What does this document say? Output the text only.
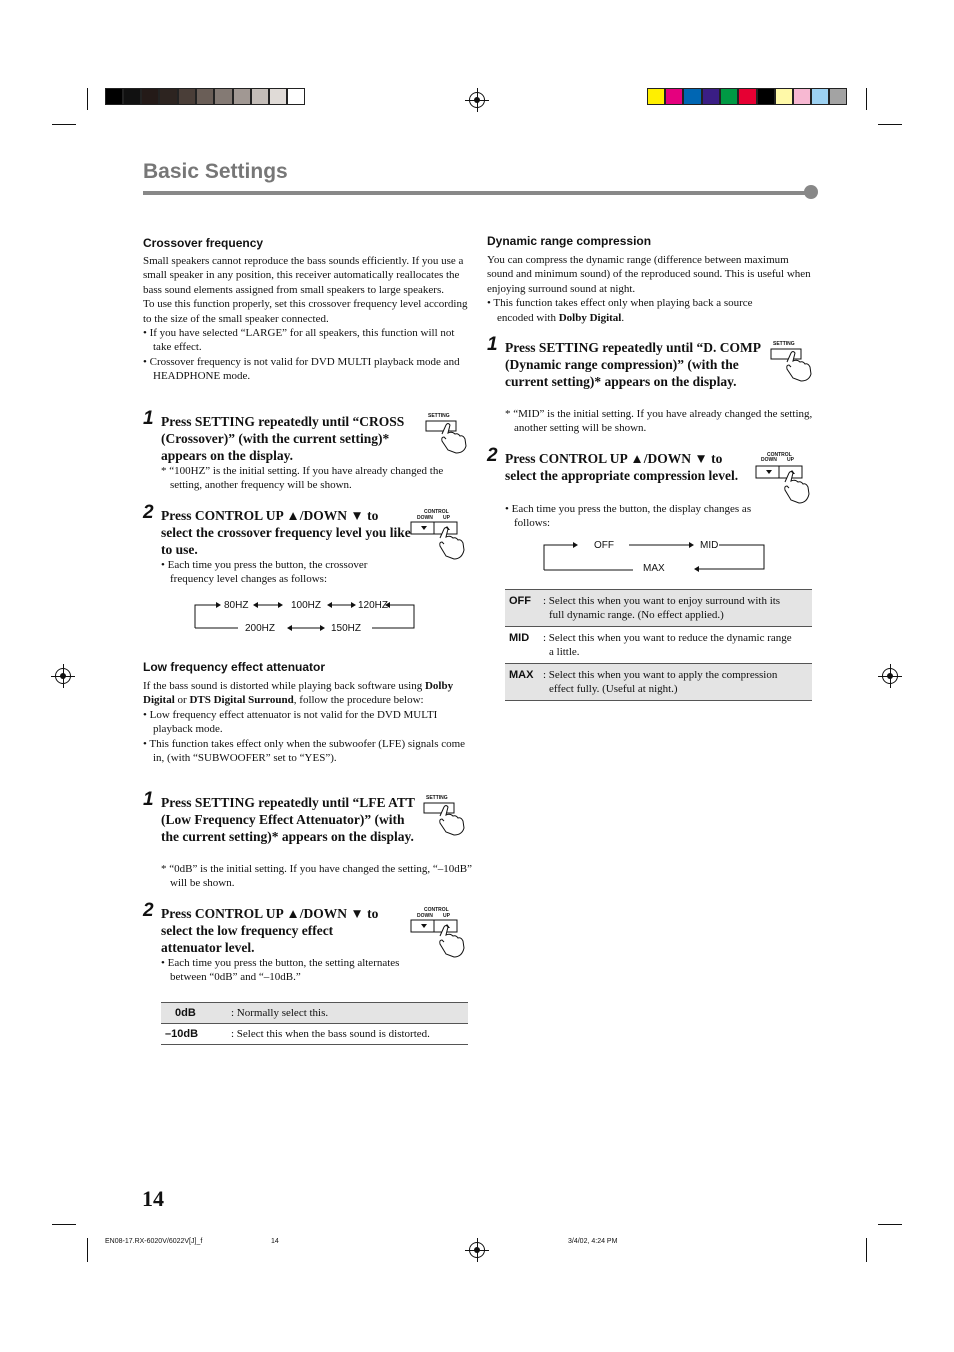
Basic Settings
Crossover frequency
Small speakers cannot reproduce the bass sounds efficiently. If you use a small speaker in any position, this receiver automatically reallocates the bass sound elements assigned from small speakers to large speakers.
To use this function properly, set this crossover frequency level according to the size of the small speaker connected.
• If you have selected “LARGE” for all speakers, this function will not take effect.
• Crossover frequency is not valid for DVD MULTI playback mode and HEADPHONE mode.
1 Press SETTING repeatedly until “CROSS (Crossover)” (with the current setting)* appears on the display.
* “100HZ” is the initial setting. If you have already changed the setting, another frequency will be shown.
SETTING
2 Press CONTROL UP ▲/DOWN ▼ to select the crossover frequency level you like to use.
• Each time you press the button, the crossover frequency level changes as follows:
CONTROL
DOWN UP
80HZ	100HZ	120HZ
200HZ	150HZ
Low frequency effect attenuator
If the bass sound is distorted while playing back software using Dolby Digital or DTS Digital Surround, follow the procedure below:
• Low frequency effect attenuator is not valid for the DVD MULTI playback mode.
• This function takes effect only when the subwoofer (LFE) signals come in, (with “SUBWOOFER” set to “YES”).
1 Press SETTING repeatedly until “LFE ATT (Low Frequency Effect Attenuator)” (with the current setting)* appears on the display.
* “0dB” is the initial setting. If you have changed the setting, “–10dB” will be shown.
SETTING
2 Press CONTROL UP ▲/DOWN ▼ to select the low frequency effect attenuator level.
• Each time you press the button, the setting alternates between “0dB” and “–10dB.”
CONTROL
DOWN UP
0dB	: Normally select this.
–10dB	: Select this when the bass sound is distorted.
Dynamic range compression
You can compress the dynamic range (difference between maximum sound and minimum sound) of the reproduced sound. This is useful when enjoying surround sound at night.
• This function takes effect only when playing back a source encoded with Dolby Digital.
1 Press SETTING repeatedly until “D. COMP (Dynamic range compression)” (with the current setting)* appears on the display.
* “MID” is the initial setting. If you have already changed the setting, another setting will be shown.
SETTING
2 Press CONTROL UP ▲/DOWN ▼ to select the appropriate compression level.
• Each time you press the button, the display changes as follows:
CONTROL
DOWN UP
OFF	MID
MAX
OFF	: Select this when you want to enjoy surround with its
full dynamic range. (No effect applied.)

MID	: Select this when you want to reduce the dynamic range
a little.

MAX	: Select this when you want to apply the compression
effect fully. (Useful at night.)
14
EN08-17.RX-6020V/6022V[J]_f	14	3/4/02, 4:24 PM
